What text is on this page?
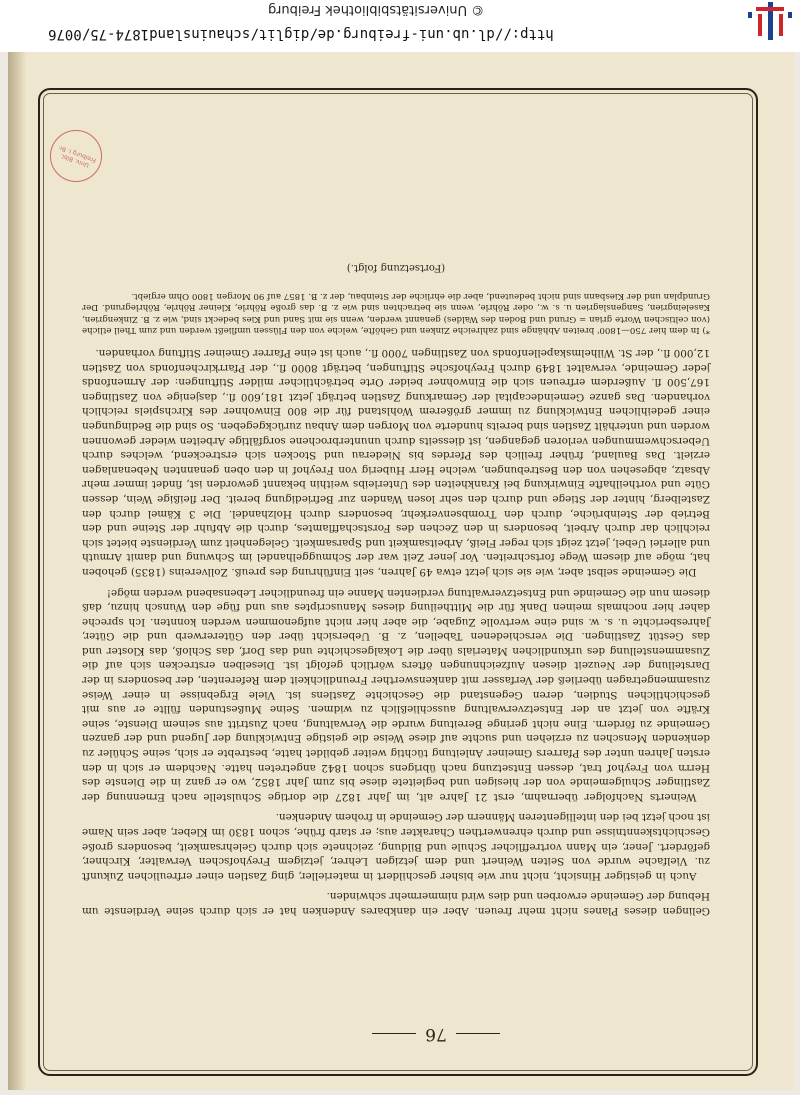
http://dl.ub.uni-freiburg.de/diglit/schauinsland1874-75/0076
© Universitätsbibliothek Freiburg
Univ. Bibl. Freiburg i. Br.
76

Gelingen dieses Planes nicht mehr freuen. Aber ein dankbares Andenken hat er sich durch seine Verdienste um Hebung der Gemeinde erworben und dies wird nimmermehr schwinden.

Auch in geistiger Hinsicht, nicht nur wie bisher geschildert in materieller, ging Zastlen einer erfreulichen Zukunft zu. Vielfache wurde von Seiten Weinert und dem jetzigen Lehrer, jetzigem Freyhofschen Verwalter, Kirchner, gefördert. Jener, ein Mann vortrefflicher Schule und Bildung, zeichnete sich durch Gelehrsamkeit, besonders große Geschichtskenntnisse und durch ehrenwerthen Charakter aus; er starb frühe, schon 1830 im Kleber, aber sein Name ist noch jetzt bei den intelligenteren Männern der Gemeinde in frohem Andenken.

Weinerts Nachfolger übernahm, erst 21 Jahre alt, im Jahr 1827 die dortige Schulstelle nach Ernennung der Zastlinger Schulgemeinde von der hiesigen und begleitete diese bis zum Jahr 1852, wo er ganz in die Dienste des Herrn von Freyhof trat, dessen Entsetzung nach übrigens schon 1842 angetreten hatte. Nachdem er sich in den ersten Jahren unter des Pfarrers Gmeiner Anleitung tüchtig weiter gebildet hatte, bestrebte er sich, seine Schüler zu denkenden Menschen zu erziehen und suchte auf diese Weise die geistige Entwicklung der Jugend und der ganzen Gemeinde zu fördern. Eine nicht geringe Bereitung wurde die Verwaltung, nach Zustritt aus seinem Dienste, seine Kräfte von jetzt an der Entsetzverwaltung ausschließlich zu widmen. Seine Mußestunden füllte er aus mit geschichtlichen Studien, deren Gegenstand die Geschichte Zastlens ist. Viele Ergebnisse in einer Weise zusammengetragen überließ der Verfasser mit dankenswerther Freundlichkeit dem Referenten, der besonders in der Darstellung der Neuzeit diesen Aufzeichnungen öfters wörtlich gefolgt ist. Dieselben erstrecken sich auf die Zusammenstellung des urkundlichen Materials über die Lokalgeschichte und das Dorf, das Schloß, das Kloster und das Gestüt Zastlingen. Die verschiedenen Tabellen, z. B. Uebersicht über den Gütererwerb und die Güter, Jahresberichte u. s. w. sind eine wertvolle Zugabe, die aber hier nicht aufgenommen werden konnten. Ich spreche daher hier nochmals meinen Dank für die Mittheilung dieses Manuscriptes aus und füge den Wunsch hinzu, daß diesem nun die Gemeinde und Entsetzverwaltung verdienten Manne ein freundlicher Lebensabend werden möge!

Die Gemeinde selbst aber, wie sie sich jetzt etwa 49 Jahren, seit Einführung des preuß. Zollvereins (1835) gehoben hat, möge auf diesem Wege fortschreiten. Vor jener Zeit war der Schmuggelhandel im Schwung und damit Armuth und allerlei Uebel, jetzt zeigt sich reger Fleiß, Arbeitsamkeit und Sparsamkeit. Gelegenheit zum Verdienste bietet sich reichlich dar durch Arbeit, besonders in den Zechen des Forstschafflamtes, durch die Abfuhr der Steine und den Betrieb der Steinbrüche, durch den Trombsenverkehr, besonders durch Holzhandel. Die 3 Kämel durch den Zastelberg, hinter der Stiege und durch den sehr losen Wanden zur Befriedigung bereit. Der fleißige Wein, dessen Güte und vortheilhafte Einwirkung bei Krankheiten des Unterleibs weithin bekannt geworden ist, findet immer mehr Absatz, abgesehen von den Bestrebungen, welche Herr Huberig von Freyhof in den oben genannten Nebenanlagen erzielt. Das Bauland, früher freilich des Pferdes bis Niederau und Stocken sich erstreckend, welches durch Ueberschwemmungen verloren gegangen, ist diesseits durch ununterbrochene sorgfältige Arbeiten wieder gewonnen worden und unterhält Zastlen sind bereits hunderte von Morgen dem Anbau zurückgegeben. So sind die Bedingungen einer gedeihlichen Entwicklung zu immer größerem Wohlstand für die 800 Einwohner des Kirchspiels reichlich vorhanden. Das ganze Gemeindecapital der Gemarkung Zastlen beträgt jetzt 181,600 fl., dasjenige von Zastlingen 167,500 fl. Außerdem erfreuen sich die Einwohner beider Orte beträchtlicher milder Stiftungen: der Armenfonds jeder Gemeinde, verwaltet 1849 durch Freyhofsche Stiftungen, beträgt 8000 fl., der Pfarrkirchenfonds von Zastlen 12,000 fl., der St. Wilhelmskapellenfonds von Zastlingen 7000 fl., auch ist eine Pfarrer Gmeiner Stiftung vorhanden.

*) In dem hier 750—1800' breiten Abhänge sind zahlreiche Zinken und Gehöfte, welche von den Flüssen umfließt werden und zum Theil etliche (von celtischen Worte grian = Grund und Boden des Waldes) genannt werden, wenn sie mit Sand und Kies bedeckt sind, wie z. B. Zinkengrien, Kaseleingrien, Sangenslagrien u. s. w., oder Röhrle, wenn sie betrachten sind wie z. B. das große Röhrle, Kleiner Röhrle, Röhrlegrund. Der Grundplan und der Kiesbann sind nicht bedeutend, aber die ehrliche der Steinbau, der z. B. 1857 auf 90 Morgen 1800 Ohm ergiebt.

(Fortsetzung folgt.)
